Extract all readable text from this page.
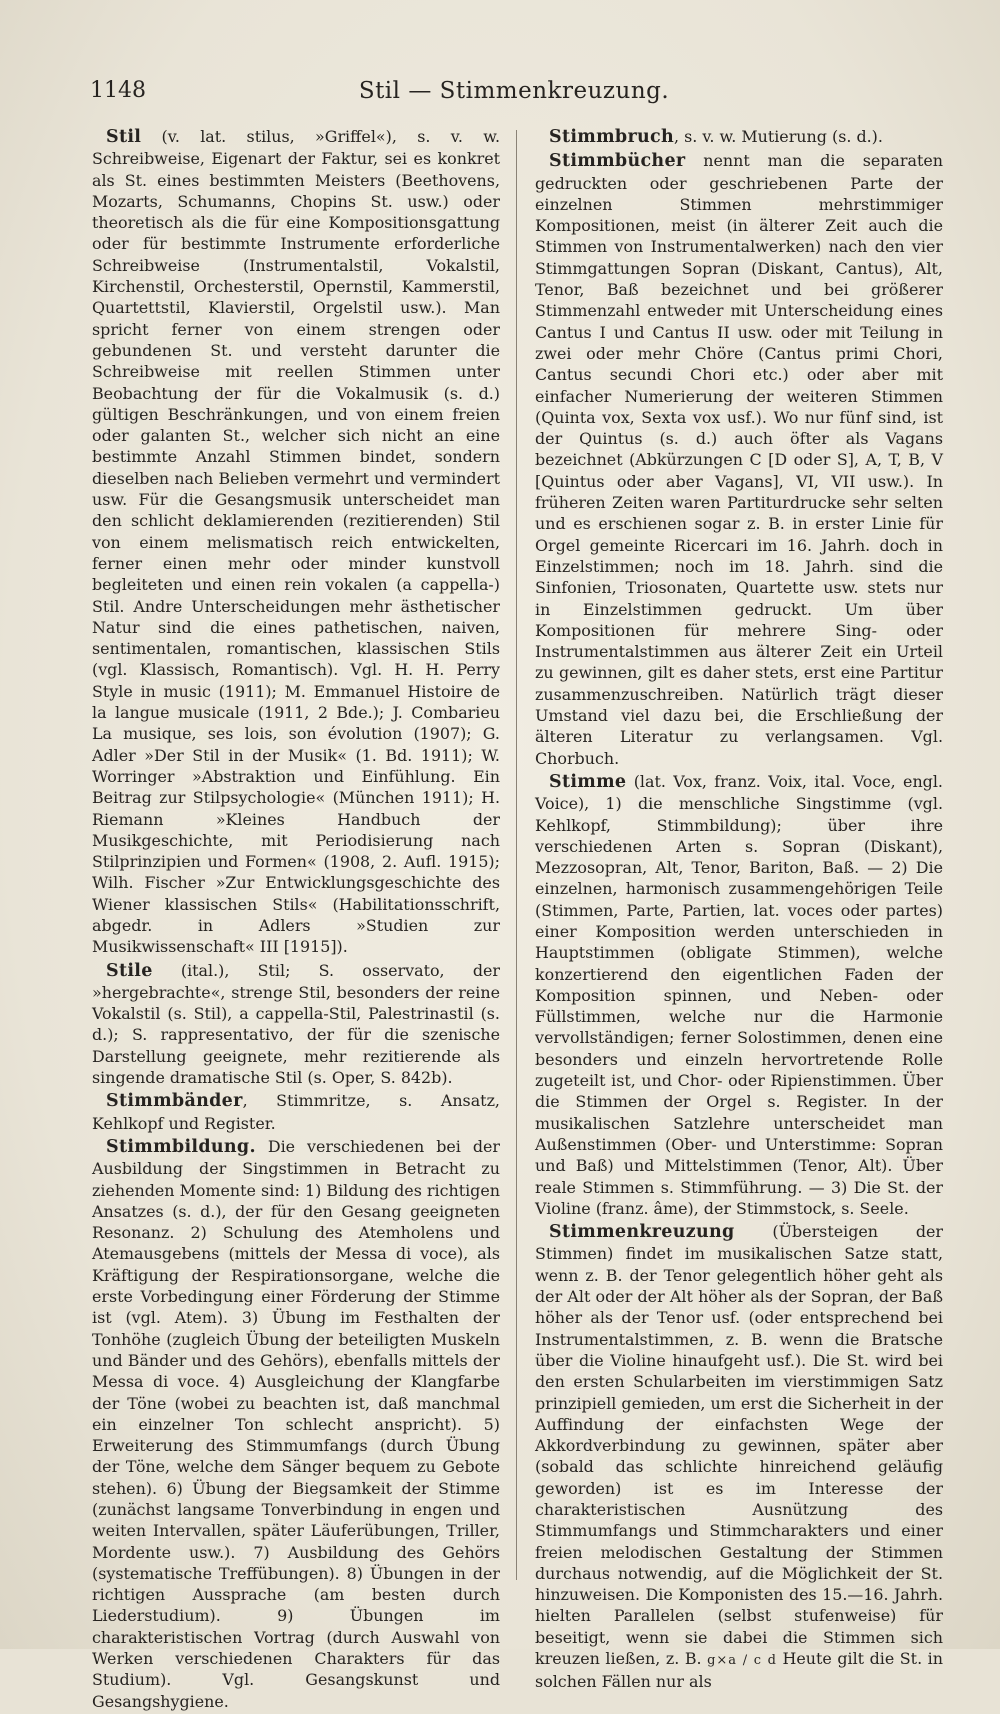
1148	Stil — Stimmenkreuzung.

Stil (v. lat. stilus, »Griffel«), s. v. w. Schreibweise, Eigenart der Faktur, sei es konkret als St. eines bestimmten Meisters (Beethovens, Mozarts, Schumanns, Chopins St. usw.) oder theoretisch als die für eine Kompositionsgattung oder für bestimmte Instrumente erforderliche Schreibweise (Instrumentalstil, Vokalstil, Kirchenstil, Orchesterstil, Opernstil, Kammerstil, Quartettstil, Klavierstil, Orgelstil usw.). Man spricht ferner von einem strengen oder gebundenen St. und versteht darunter die Schreibweise mit reellen Stimmen unter Beobachtung der für die Vokalmusik (s. d.) gültigen Beschränkungen, und von einem freien oder galanten St., welcher sich nicht an eine bestimmte Anzahl Stimmen bindet, sondern dieselben nach Belieben vermehrt und vermindert usw. Für die Gesangsmusik unterscheidet man den schlicht deklamierenden (rezitierenden) Stil von einem melismatisch reich entwickelten, ferner einen mehr oder minder kunstvoll begleiteten und einen rein vokalen (a cappella-) Stil. Andre Unterscheidungen mehr ästhetischer Natur sind die eines pathetischen, naiven, sentimentalen, romantischen, klassischen Stils (vgl. Klassisch, Romantisch). Vgl. H. H. Perry Style in music (1911); M. Emmanuel Histoire de la langue musicale (1911, 2 Bde.); J. Combarieu La musique, ses lois, son évolution (1907); G. Adler »Der Stil in der Musik« (1. Bd. 1911); W. Worringer »Abstraktion und Einfühlung. Ein Beitrag zur Stilpsychologie« (München 1911); H. Riemann »Kleines Handbuch der Musikgeschichte, mit Periodisierung nach Stilprinzipien und Formen« (1908, 2. Aufl. 1915); Wilh. Fischer »Zur Entwicklungsgeschichte des Wiener klassischen Stils« (Habilitationsschrift, abgedr. in Adlers »Studien zur Musikwissenschaft« III [1915]).

Stile (ital.), Stil; S. osservato, der »hergebrachte«, strenge Stil, besonders der reine Vokalstil (s. Stil), a cappella-Stil, Palestrinastil (s. d.); S. rappresentativo, der für die szenische Darstellung geeignete, mehr rezitierende als singende dramatische Stil (s. Oper, S. 842b).

Stimmbänder, Stimmritze, s. Ansatz, Kehlkopf und Register.

Stimmbildung. Die verschiedenen bei der Ausbildung der Singstimmen in Betracht zu ziehenden Momente sind: 1) Bildung des richtigen Ansatzes (s. d.), der für den Gesang geeigneten Resonanz. 2) Schulung des Atemholens und Atemausgebens (mittels der Messa di voce), als Kräftigung der Respirationsorgane, welche die erste Vorbedingung einer Förderung der Stimme ist (vgl. Atem). 3) Übung im Festhalten der Tonhöhe (zugleich Übung der beteiligten Muskeln und Bänder und des Gehörs), ebenfalls mittels der Messa di voce. 4) Ausgleichung der Klangfarbe der Töne (wobei zu beachten ist, daß manchmal ein einzelner Ton schlecht anspricht). 5) Erweiterung des Stimmumfangs (durch Übung der Töne, welche dem Sänger bequem zu Gebote stehen). 6) Übung der Biegsamkeit der Stimme (zunächst langsame Tonverbindung in engen und weiten Intervallen, später Läuferübungen, Triller, Mordente usw.). 7) Ausbildung des Gehörs (systematische Treffübungen). 8) Übungen in der richtigen Aussprache (am besten durch Liederstudium). 9) Übungen im charakteristischen Vortrag (durch Auswahl von Werken verschiedenen Charakters für das Studium). Vgl. Gesangskunst und Gesangshygiene.

Stimmbruch, s. v. w. Mutierung (s. d.).

Stimmbücher nennt man die separaten gedruckten oder geschriebenen Parte der einzelnen Stimmen mehrstimmiger Kompositionen, meist (in älterer Zeit auch die Stimmen von Instrumentalwerken) nach den vier Stimmgattungen Sopran (Diskant, Cantus), Alt, Tenor, Baß bezeichnet und bei größerer Stimmenzahl entweder mit Unterscheidung eines Cantus I und Cantus II usw. oder mit Teilung in zwei oder mehr Chöre (Cantus primi Chori, Cantus secundi Chori etc.) oder aber mit einfacher Numerierung der weiteren Stimmen (Quinta vox, Sexta vox usf.). Wo nur fünf sind, ist der Quintus (s. d.) auch öfter als Vagans bezeichnet (Abkürzungen C [D oder S], A, T, B, V [Quintus oder aber Vagans], VI, VII usw.). In früheren Zeiten waren Partiturdrucke sehr selten und es erschienen sogar z. B. in erster Linie für Orgel gemeinte Ricercari im 16. Jahrh. doch in Einzelstimmen; noch im 18. Jahrh. sind die Sinfonien, Triosonaten, Quartette usw. stets nur in Einzelstimmen gedruckt. Um über Kompositionen für mehrere Sing- oder Instrumentalstimmen aus älterer Zeit ein Urteil zu gewinnen, gilt es daher stets, erst eine Partitur zusammenzuschreiben. Natürlich trägt dieser Umstand viel dazu bei, die Erschließung der älteren Literatur zu verlangsamen. Vgl. Chorbuch.

Stimme (lat. Vox, franz. Voix, ital. Voce, engl. Voice), 1) die menschliche Singstimme (vgl. Kehlkopf, Stimmbildung); über ihre verschiedenen Arten s. Sopran (Diskant), Mezzosopran, Alt, Tenor, Bariton, Baß. — 2) Die einzelnen, harmonisch zusammengehörigen Teile (Stimmen, Parte, Partien, lat. voces oder partes) einer Komposition werden unterschieden in Hauptstimmen (obligate Stimmen), welche konzertierend den eigentlichen Faden der Komposition spinnen, und Neben- oder Füllstimmen, welche nur die Harmonie vervollständigen; ferner Solostimmen, denen eine besonders und einzeln hervortretende Rolle zugeteilt ist, und Chor- oder Ripienstimmen. Über die Stimmen der Orgel s. Register. In der musikalischen Satzlehre unterscheidet man Außenstimmen (Ober- und Unterstimme: Sopran und Baß) und Mittelstimmen (Tenor, Alt). Über reale Stimmen s. Stimmführung. — 3) Die St. der Violine (franz. âme), der Stimmstock, s. Seele.

Stimmenkreuzung (Übersteigen der Stimmen) findet im musikalischen Satze statt, wenn z. B. der Tenor gelegentlich höher geht als der Alt oder der Alt höher als der Sopran, der Baß höher als der Tenor usf. (oder entsprechend bei Instrumentalstimmen, z. B. wenn die Bratsche über die Violine hinaufgeht usf.). Die St. wird bei den ersten Schularbeiten im vierstimmigen Satz prinzipiell gemieden, um erst die Sicherheit in der Auffindung der einfachsten Wege der Akkordverbindung zu gewinnen, später aber (sobald das schlichte hinreichend geläufig geworden) ist es im Interesse der charakteristischen Ausnützung des Stimmumfangs und Stimmcharakters und einer freien melodischen Gestaltung der Stimmen durchaus notwendig, auf die Möglichkeit der St. hinzuweisen. Die Komponisten des 15.—16. Jahrh. hielten Parallelen (selbst stufenweise) für beseitigt, wenn sie dabei die Stimmen sich kreuzen ließen, z. B. g×a / c d Heute gilt die St. in solchen Fällen nur als
